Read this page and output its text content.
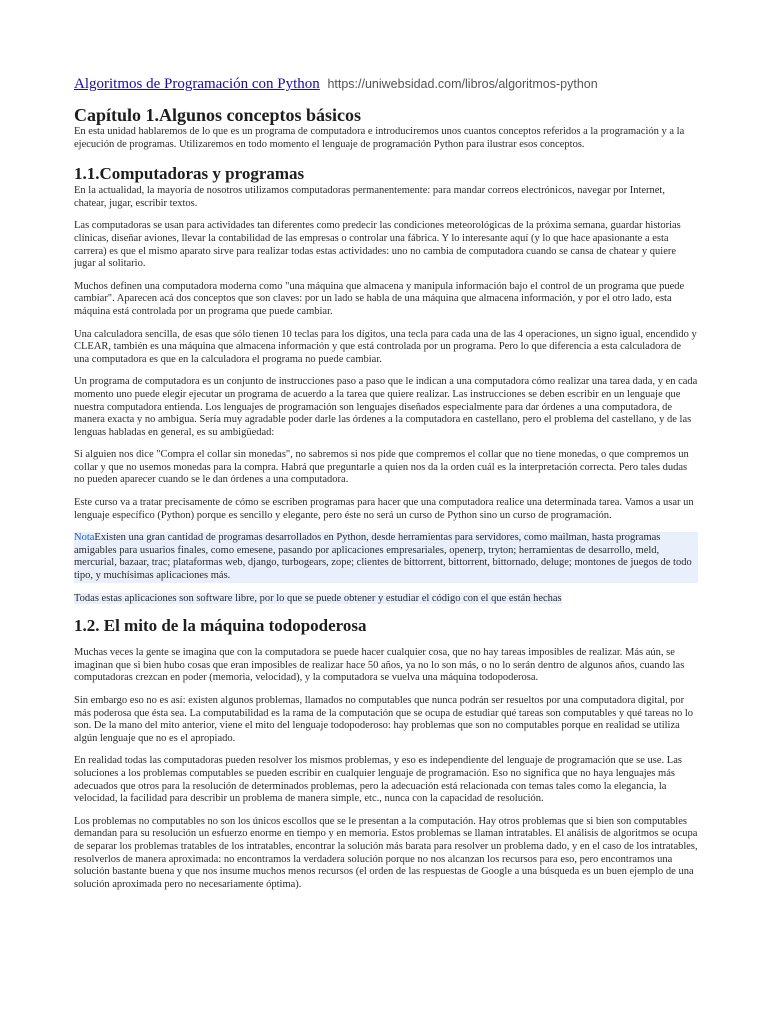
Algoritmos de Programación con Python https://uniwebsidad.com/libros/algoritmos-python
Capítulo 1.Algunos conceptos básicos

En esta unidad hablaremos de lo que es un programa de computadora e introduciremos unos cuantos conceptos referidos a la programación y a la ejecución de programas. Utilizaremos en todo momento el lenguaje de programación Python para ilustrar esos conceptos.

1.1.Computadoras y programas

En la actualidad, la mayoría de nosotros utilizamos computadoras permanentemente: para mandar correos electrónicos, navegar por Internet, chatear, jugar, escribir textos.

Las computadoras se usan para actividades tan diferentes como predecir las condiciones meteorológicas de la próxima semana, guardar historias clínicas, diseñar aviones, llevar la contabilidad de las empresas o controlar una fábrica. Y lo interesante aquí (y lo que hace apasionante a esta carrera) es que el mismo aparato sirve para realizar todas estas actividades: uno no cambia de computadora cuando se cansa de chatear y quiere jugar al solitario.

Muchos definen una computadora moderna como "una máquina que almacena y manipula información bajo el control de un programa que puede cambiar". Aparecen acá dos conceptos que son claves: por un lado se habla de una máquina que almacena información, y por el otro lado, esta máquina está controlada por un programa que puede cambiar.

Una calculadora sencilla, de esas que sólo tienen 10 teclas para los dígitos, una tecla para cada una de las 4 operaciones, un signo igual, encendido y CLEAR, también es una máquina que almacena información y que está controlada por un programa. Pero lo que diferencia a esta calculadora de una computadora es que en la calculadora el programa no puede cambiar.

Un programa de computadora es un conjunto de instrucciones paso a paso que le indican a una computadora cómo realizar una tarea dada, y en cada momento uno puede elegir ejecutar un programa de acuerdo a la tarea que quiere realizar. Las instrucciones se deben escribir en un lenguaje que nuestra computadora entienda. Los lenguajes de programación son lenguajes diseñados especialmente para dar órdenes a una computadora, de manera exacta y no ambigua. Sería muy agradable poder darle las órdenes a la computadora en castellano, pero el problema del castellano, y de las lenguas habladas en general, es su ambigüedad:

Si alguien nos dice "Compra el collar sin monedas", no sabremos si nos pide que compremos el collar que no tiene monedas, o que compremos un collar y que no usemos monedas para la compra. Habrá que preguntarle a quien nos da la orden cuál es la interpretación correcta. Pero tales dudas no pueden aparecer cuando se le dan órdenes a una computadora.

Este curso va a tratar precisamente de cómo se escriben programas para hacer que una computadora realice una determinada tarea. Vamos a usar un lenguaje específico (Python) porque es sencillo y elegante, pero éste no será un curso de Python sino un curso de programación.

NotaExisten una gran cantidad de programas desarrollados en Python, desde herramientas para servidores, como mailman, hasta programas amigables para usuarios finales, como emesene, pasando por aplicaciones empresariales, openerp, tryton; herramientas de desarrollo, meld, mercurial, bazaar, trac; plataformas web, django, turbogears, zope; clientes de bittorrent, bittorrent, bittornado, deluge; montones de juegos de todo tipo, y muchísimas aplicaciones más.

Todas estas aplicaciones son software libre, por lo que se puede obtener y estudiar el código con el que están hechas

1.2. El mito de la máquina todopoderosa

Muchas veces la gente se imagina que con la computadora se puede hacer cualquier cosa, que no hay tareas imposibles de realizar. Más aún, se imaginan que si bien hubo cosas que eran imposibles de realizar hace 50 años, ya no lo son más, o no lo serán dentro de algunos años, cuando las computadoras crezcan en poder (memoria, velocidad), y la computadora se vuelva una máquina todopoderosa.

Sin embargo eso no es así: existen algunos problemas, llamados no computables que nunca podrán ser resueltos por una computadora digital, por más poderosa que ésta sea. La computabilidad es la rama de la computación que se ocupa de estudiar qué tareas son computables y qué tareas no lo son. De la mano del mito anterior, viene el mito del lenguaje todopoderoso: hay problemas que son no computables porque en realidad se utiliza algún lenguaje que no es el apropiado.

En realidad todas las computadoras pueden resolver los mismos problemas, y eso es independiente del lenguaje de programación que se use. Las soluciones a los problemas computables se pueden escribir en cualquier lenguaje de programación. Eso no significa que no haya lenguajes más adecuados que otros para la resolución de determinados problemas, pero la adecuación está relacionada con temas tales como la elegancia, la velocidad, la facilidad para describir un problema de manera simple, etc., nunca con la capacidad de resolución.

Los problemas no computables no son los únicos escollos que se le presentan a la computación. Hay otros problemas que si bien son computables demandan para su resolución un esfuerzo enorme en tiempo y en memoria. Estos problemas se llaman intratables. El análisis de algoritmos se ocupa de separar los problemas tratables de los intratables, encontrar la solución más barata para resolver un problema dado, y en el caso de los intratables, resolverlos de manera aproximada: no encontramos la verdadera solución porque no nos alcanzan los recursos para eso, pero encontramos una solución bastante buena y que nos insume muchos menos recursos (el orden de las respuestas de Google a una búsqueda es un buen ejemplo de una solución aproximada pero no necesariamente óptima).
